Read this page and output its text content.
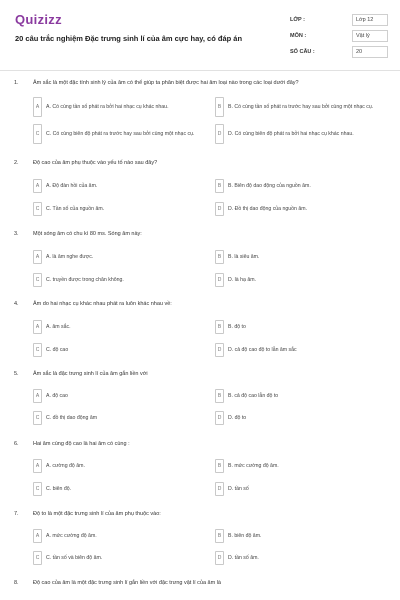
Quizizz
20 câu trắc nghiệm Đặc trưng sinh lí của âm cực hay, có đáp án
LỚP :	Lớp 12
MÔN :	Vật lý
SỐ CÂU :	20
1.	Âm sắc là một đặc tính sinh lý của âm có thể giúp ta phân biệt được hai âm loại nào trong các loại dưới đây?
A	A. Có cùng tần số phát ra bởi hai nhạc cụ khác nhau.	B	B. Có cùng tần số phát ra trước hay sau bởi cùng một nhạc cụ.
C	C. Có cùng biên độ phát ra trước hay sau bởi cùng một nhạc cụ.	D	D. Có cùng biên độ phát ra bởi hai nhạc cụ khác nhau.
2.	Độ cao của âm phụ thuộc vào yếu tố nào sau đây?
A	A. Độ đàn hồi của âm.	B	B. Biên độ dao động của nguồn âm.
C	C. Tần số của nguồn âm.	D	D. Đồ thị dao động của nguồn âm.
3.	Một sóng âm có chu kì 80 ms. Sóng âm này:
A	A. là âm nghe được.	B	B. là siêu âm.
C	C. truyền được trong chân không.	D	D. là hạ âm.
4.	Âm do hai nhạc cụ khác nhau phát ra luôn khác nhau về:
A	A. âm sắc.	B	B. độ to
C	C. độ cao	D	D. cả độ cao độ to lẫn âm sắc
5.	Âm sắc là đặc trưng sinh lí của âm gắn liền với
A	A. độ cao	B	B. cả độ cao lẫn độ to
C	C. đồ thị dao động âm	D	D. độ to
6.	Hai âm cùng độ cao là hai âm có cùng :
A	A. cường độ âm.	B	B. mức cường độ âm.
C	C. biên độ.	D	D. tần số
7.	Độ to là một đặc trưng sinh lí của âm phụ thuộc vào:
A	A. mức cường độ âm.	B	B. biên độ âm.
C	C. tần số và biên độ âm.	D	D. tần số âm.
8.	Độ cao của âm là một đặc trưng sinh lí gắn liền với đặc trưng vật lí của âm là
